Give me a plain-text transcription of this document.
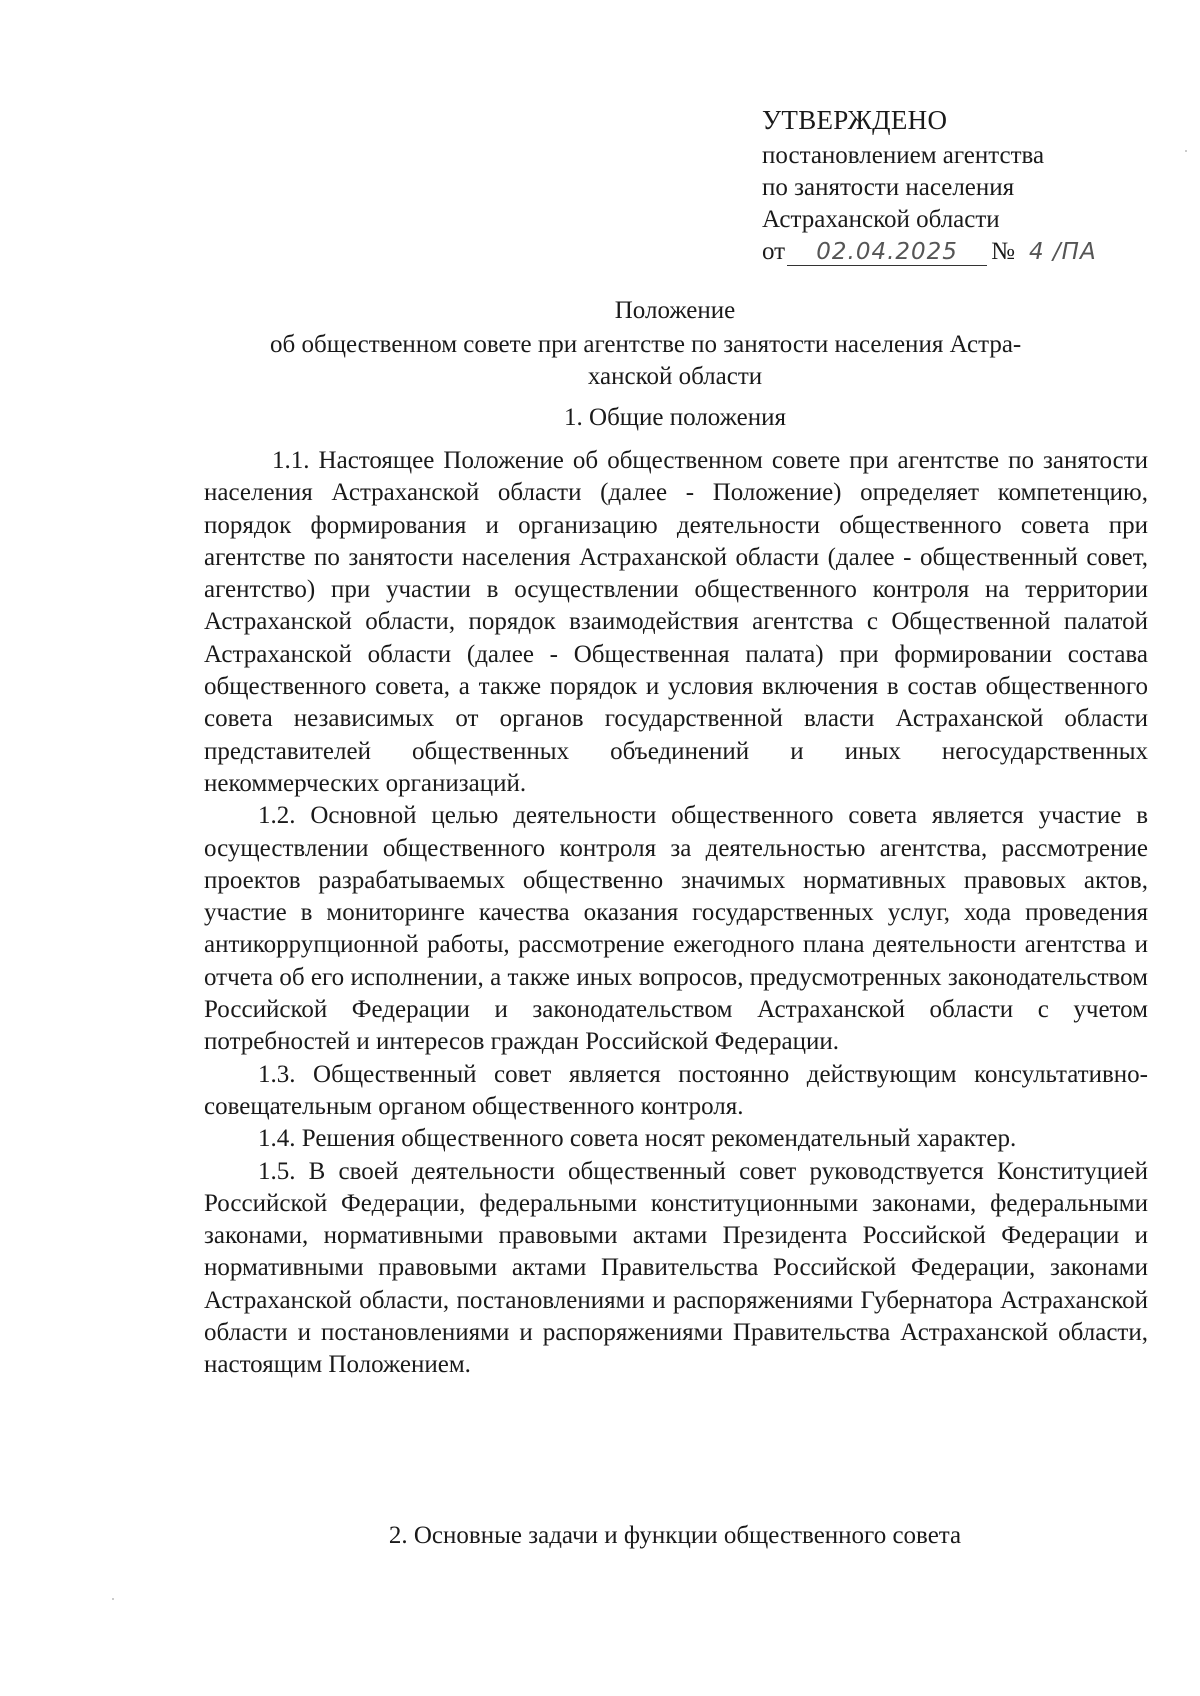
УТВЕРЖДЕНО
постановлением агентства
по занятости населения
Астраханской области
от 02.04.2025 № 4 /ПА
Положение
об общественном совете при агентстве по занятости населения Астра-
ханской области
1. Общие положения

1.1. Настоящее Положение об общественном совете при агентстве по занятости населения Астраханской области (далее - Положение) определяет компетенцию, порядок формирования и организацию деятельности общественного совета при агентстве по занятости населения Астраханской области (далее - общественный совет, агентство) при участии в осуществлении общественного контроля на территории Астраханской области, порядок взаимодействия агентства с Общественной палатой Астраханской области (далее - Общественная палата) при формировании состава общественного совета, а также порядок и условия включения в состав общественного совета независимых от органов государственной власти Астраханской области представителей общественных объединений и иных негосударственных некоммерческих организаций.

1.2. Основной целью деятельности общественного совета является участие в осуществлении общественного контроля за деятельностью агентства, рассмотрение проектов разрабатываемых общественно значимых нормативных правовых актов, участие в мониторинге качества оказания государственных услуг, хода проведения антикоррупционной работы, рассмотрение ежегодного плана деятельности агентства и отчета об его исполнении, а также иных вопросов, предусмотренных законодательством Российской Федерации и законодательством Астраханской области с учетом потребностей и интересов граждан Российской Федерации.

1.3. Общественный совет является постоянно действующим консультативно-совещательным органом общественного контроля.

1.4. Решения общественного совета носят рекомендательный характер.

1.5. В своей деятельности общественный совет руководствуется Конституцией Российской Федерации, федеральными конституционными законами, федеральными законами, нормативными правовыми актами Президента Российской Федерации и нормативными правовыми актами Правительства Российской Федерации, законами Астраханской области, постановлениями и распоряжениями Губернатора Астраханской области и постановлениями и распоряжениями Правительства Астраханской области, настоящим Положением.

2. Основные задачи и функции общественного совета
